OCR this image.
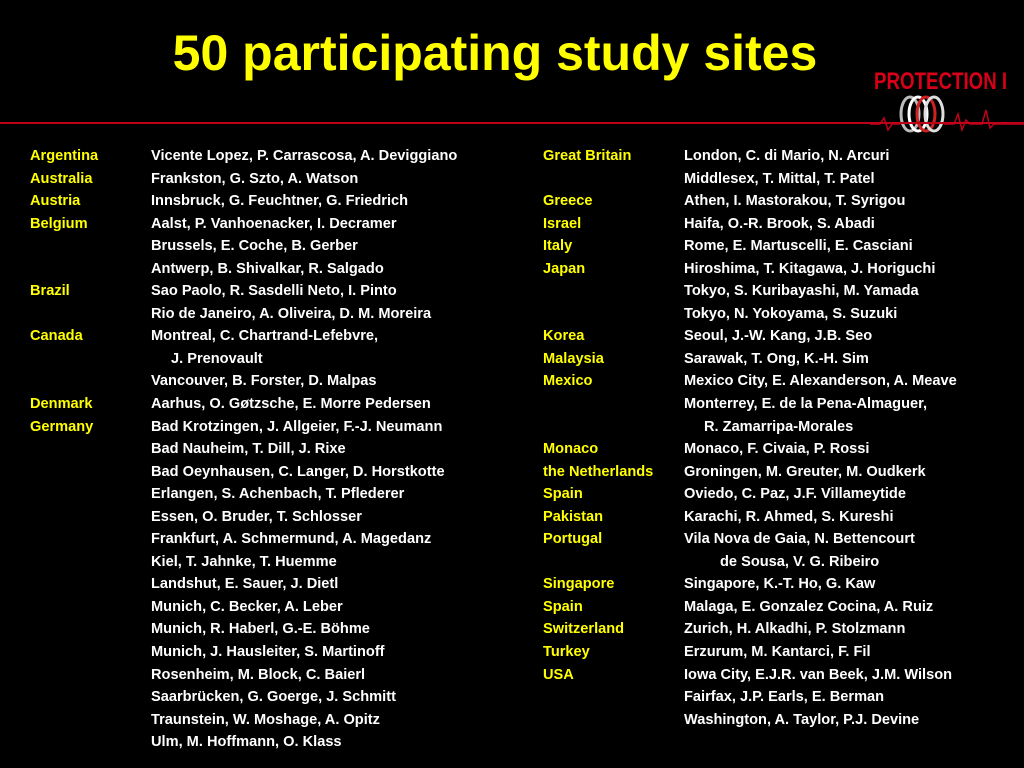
50 participating study sites
PROTECTION I
Argentina	Vicente Lopez, P. Carrascosa, A. Deviggiano
Australia	Frankston, G. Szto, A. Watson
Austria	Innsbruck, G. Feuchtner, G. Friedrich
Belgium	Aalst, P. Vanhoenacker, I. Decramer
Brussels, E. Coche, B. Gerber
Antwerp, B. Shivalkar, R. Salgado
Brazil	Sao Paolo, R. Sasdelli Neto, I. Pinto
Rio de Janeiro, A. Oliveira, D. M. Moreira
Canada	Montreal, C. Chartrand-Lefebvre,
J. Prenovault
Vancouver, B. Forster, D. Malpas
Denmark	Aarhus, O. Gøtzsche, E. Morre Pedersen
Germany	Bad Krotzingen, J. Allgeier, F.-J. Neumann
Bad Nauheim, T. Dill, J. Rixe
Bad Oeynhausen, C. Langer, D. Horstkotte
Erlangen, S. Achenbach, T. Pflederer
Essen, O. Bruder, T. Schlosser
Frankfurt, A. Schmermund, A. Magedanz
Kiel, T. Jahnke, T. Huemme
Landshut, E. Sauer, J. Dietl
Munich, C. Becker, A. Leber
Munich, R. Haberl, G.-E. Böhme
Munich, J. Hausleiter, S. Martinoff
Rosenheim, M. Block, C. Baierl
Saarbrücken, G. Goerge, J. Schmitt
Traunstein, W. Moshage, A. Opitz
Ulm, M. Hoffmann, O. Klass
Great Britain	London, C. di Mario, N. Arcuri
Middlesex, T. Mittal, T. Patel
Greece	Athen, I. Mastorakou, T. Syrigou
Israel	Haifa, O.-R. Brook, S. Abadi
Italy	Rome, E. Martuscelli, E. Casciani
Japan	Hiroshima, T. Kitagawa, J. Horiguchi
Tokyo, S. Kuribayashi, M. Yamada
Tokyo, N. Yokoyama, S. Suzuki
Korea	Seoul, J.-W. Kang, J.B. Seo
Malaysia	Sarawak, T. Ong, K.-H. Sim
Mexico	Mexico City, E. Alexanderson, A. Meave
Monterrey, E. de la Pena-Almaguer,
R. Zamarripa-Morales
Monaco	Monaco, F. Civaia, P. Rossi
the Netherlands Groningen, M. Greuter, M. Oudkerk
Spain	Oviedo, C. Paz, J.F. Villameytide
Pakistan	Karachi, R. Ahmed, S. Kureshi
Portugal	Vila Nova de Gaia, N. Bettencourt
de Sousa, V. G. Ribeiro
Singapore	Singapore, K.-T. Ho, G. Kaw
Spain	Malaga, E. Gonzalez Cocina, A. Ruiz
Switzerland	Zurich, H. Alkadhi, P. Stolzmann
Turkey	Erzurum, M. Kantarci, F. Fil
USA	Iowa City, E.J.R. van Beek, J.M. Wilson
Fairfax, J.P. Earls, E. Berman
Washington, A. Taylor, P.J. Devine
